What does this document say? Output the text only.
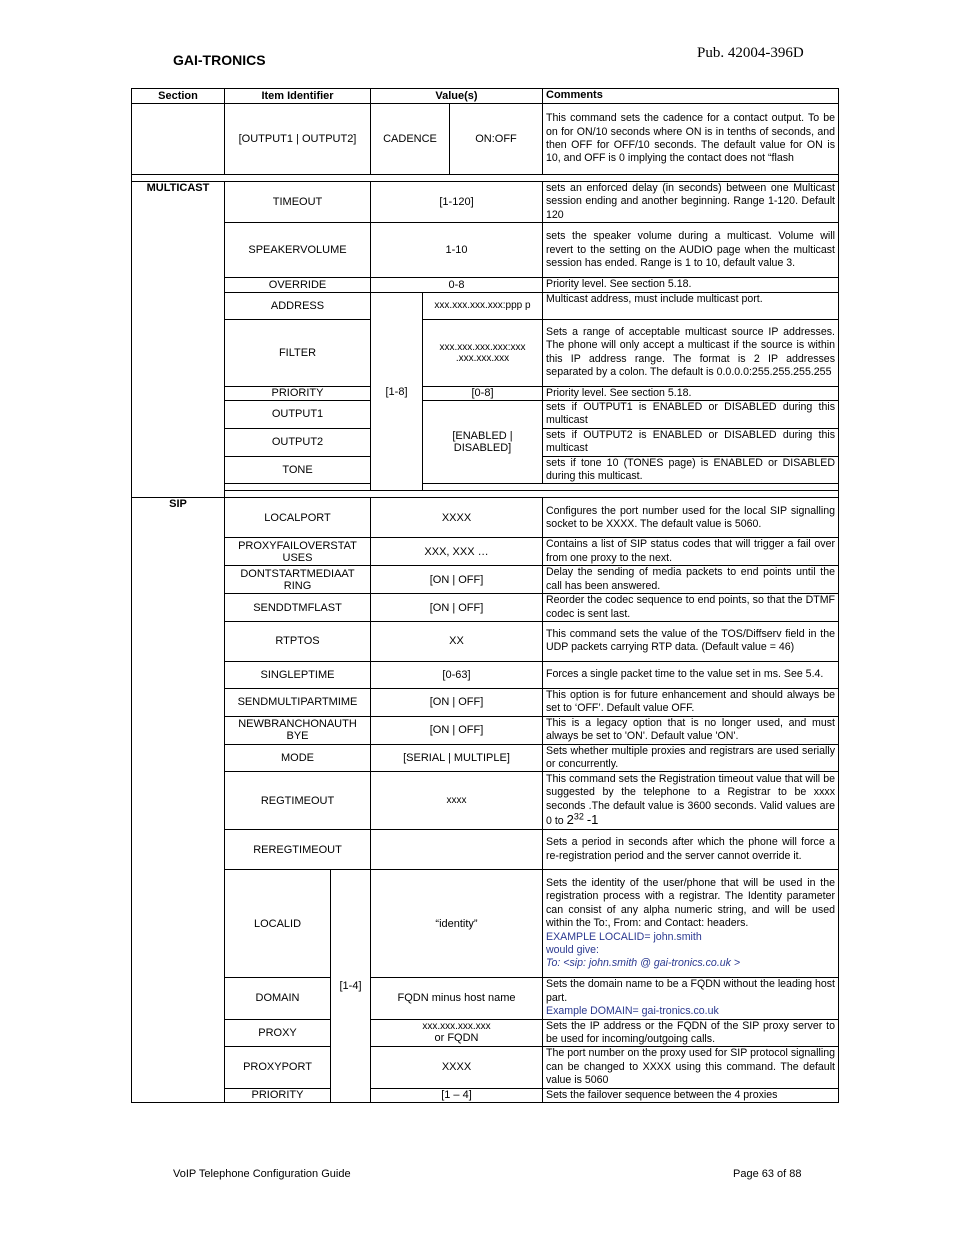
GAI-TRONICS	Pub. 42004-396D
Section	Item Identifier		Value(s)		Comments
	[OUTPUT1 | OUTPUT2]		CADENCE ON:OFF		This command sets the cadence for a contact output. To be on for ON/10 seconds where ON is in tenths of seconds, and then OFF for OFF/10 seconds. The default value for ON is 10, and OFF is 0 implying the contact does not “flash

MULTICAST	TIMEOUT		[1-120]		sets an enforced delay (in seconds) between one Multicast session ending and another beginning. Range 1-120. Default 120
	SPEAKERVOLUME		1-10		sets the speaker volume during a multicast. Volume will revert to the setting on the AUDIO page when the multicast session has ended. Range is 1 to 10, default value 3.
	OVERRIDE		0-8		Priority level. See section 5.18.
	ADDRESS		[1-8]	xxx.xxx.xxx.xxx:ppp p	Multicast address, must include multicast port.
	FILTER			xxx.xxx.xxx.xxx:xxx .xxx.xxx.xxx	Sets a range of acceptable multicast source IP addresses. The phone will only accept a multicast if the source is within this IP address range. The format is 2 IP addresses separated by a colon. The default is 0.0.0.0:255.255.255.255
	PRIORITY			[0-8]	Priority level. See section 5.18.
	OUTPUT1			[ENABLED | DISABLED]	sets if OUTPUT1 is ENABLED or DISABLED during this multicast
	OUTPUT2				sets if OUTPUT2 is ENABLED or DISABLED during this multicast
	TONE				sets if tone 10 (TONES page) is ENABLED or DISABLED during this multicast.

SIP	LOCALPORT		XXXX		Configures the port number used for the local SIP signalling socket to be XXXX. The default value is 5060.
	PROXYFAILOVERSTAT USES		XXX, XXX …		Contains a list of SIP status codes that will trigger a fail over from one proxy to the next.
	DONTSTARTMEDIAAT RING		[ON | OFF]		Delay the sending of media packets to end points until the call has been answered.
	SENDDTMFLAST		[ON | OFF]		Reorder the codec sequence to end points, so that the DTMF codec is sent last.
	RTPTOS		XX		This command sets the value of the TOS/Diffserv field in the UDP packets carrying RTP data. (Default value = 46)
	SINGLEPTIME		[0-63]		Forces a single packet time to the value set in ms. See 5.4.
	SENDMULTIPARTMIME		[ON | OFF]		This option is for future enhancement and should always be set to ‘OFF’. Default value OFF.
	NEWBRANCHONAUTH BYE		[ON | OFF]		This is a legacy option that is no longer used, and must always be set to 'ON'. Default value 'ON'.
	MODE		[SERIAL | MULTIPLE]		Sets whether multiple proxies and registrars are used serially or concurrently.
	REGTIMEOUT		xxxx		This command sets the Registration timeout value that will be suggested by the telephone to a Registrar to be xxxx seconds .The default value is 3600 seconds. Valid values are 0 to $2^{32}$ -1
	REREGTIMEOUT				Sets a period in seconds after which the phone will force a re-registration period and the server cannot override it.
	LOCALID	[1-4]	“identity”		Sets the identity of the user/phone that will be used in the registration process with a registrar. The Identity parameter can consist of any alpha numeric string, and will be used within the To:, From: and Contact: headers.
EXAMPLE LOCALID= john.smith
would give:
To: <sip: john.smith @ gai-tronics.co.uk >

	DOMAIN		FQDN minus host name		Sets the domain name to be a FQDN without the leading host part.
Example DOMAIN= gai-tronics.co.uk

	PROXY		xxx.xxx.xxx.xxx
or FQDN		Sets the IP address or the FQDN of the SIP proxy server to be used for incoming/outgoing calls.
	PROXYPORT		XXXX		The port number on the proxy used for SIP protocol signalling can be changed to XXXX using this command. The default value is 5060
	PRIORITY		[1 – 4]		Sets the failover sequence between the 4 proxies
VoIP Telephone Configuration Guide	Page 63 of 88
